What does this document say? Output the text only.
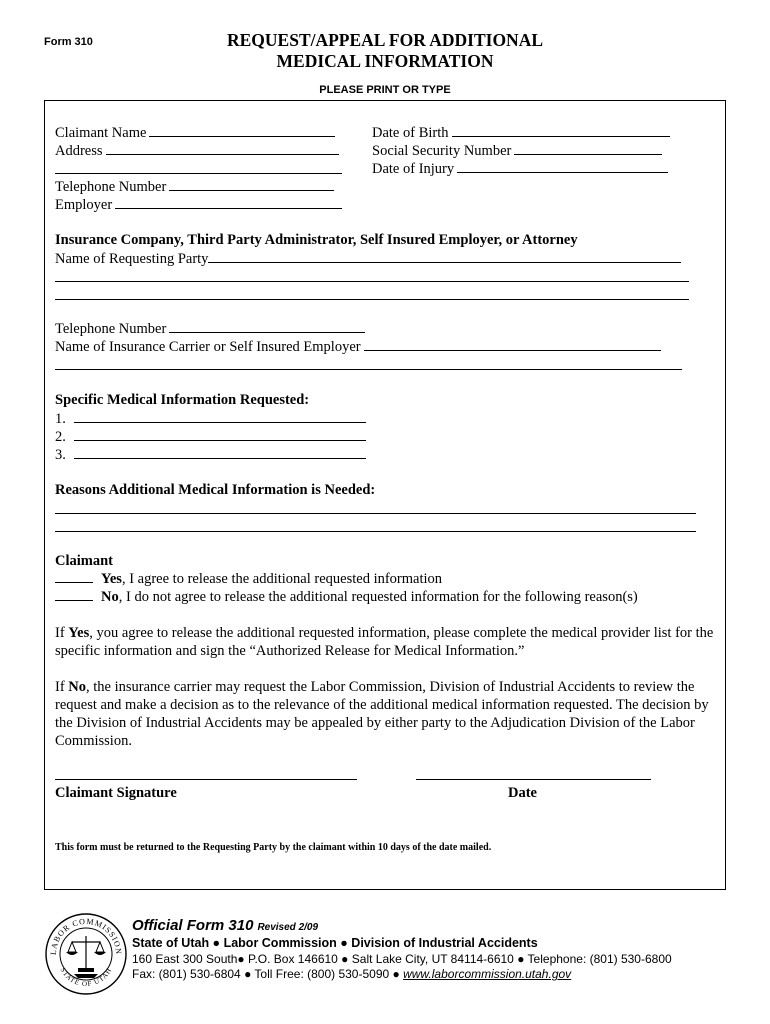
Form 310	REQUEST/APPEAL FOR ADDITIONAL
MEDICAL INFORMATION
PLEASE PRINT OR TYPE
Claimant Name
Address
Telephone Number
Employer
Date of Birth
Social Security Number
Date of Injury
Insurance Company, Third Party Administrator, Self Insured Employer, or Attorney
Name of Requesting Party
Telephone Number
Name of Insurance Carrier or Self Insured Employer
Specific Medical Information Requested:
1.
2.
3.
Reasons Additional Medical Information is Needed:
Claimant
Yes, I agree to release the additional requested information
No, I do not agree to release the additional requested information for the following reason(s)
If Yes, you agree to release the additional requested information, please complete the medical provider list for the specific information and sign the “Authorized Release for Medical Information.”
If No, the insurance carrier may request the Labor Commission, Division of Industrial Accidents to review the request and make a decision as to the relevance of the additional medical information requested. The decision by the Division of Industrial Accidents may be appealed by either party to the Adjudication Division of the Labor Commission.
Claimant Signature	Date
This form must be returned to the Requesting Party by the claimant within 10 days of the date mailed.
LABOR COMMISSION
STATE OF UTAH
Official Form 310 Revised 2/09
State of Utah ● Labor Commission ● Division of Industrial Accidents
160 East 300 South● P.O. Box 146610 ● Salt Lake City, UT 84114-6610 ● Telephone: (801) 530-6800
Fax: (801) 530-6804 ● Toll Free: (800) 530-5090 ● www.laborcommission.utah.gov
